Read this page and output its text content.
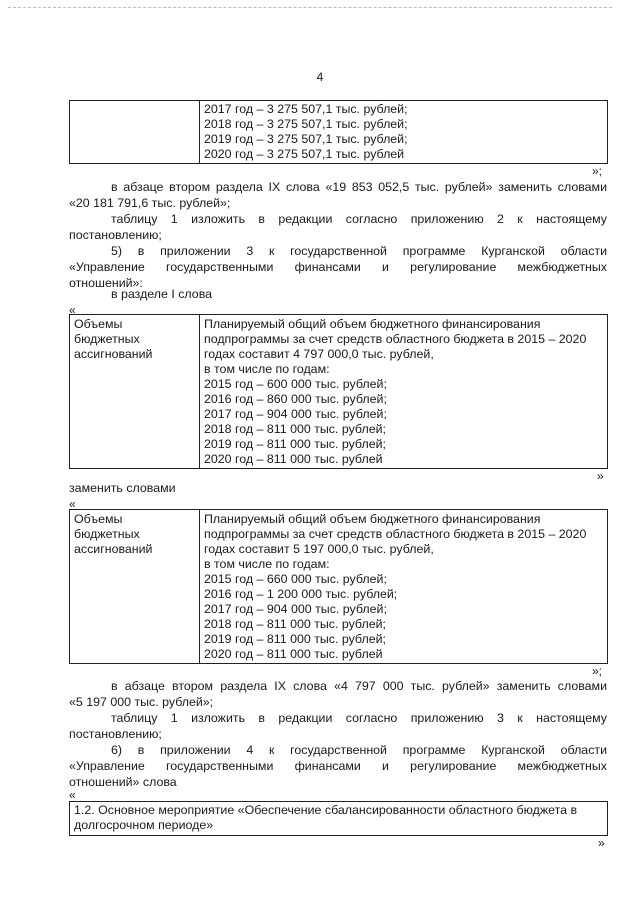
4
2017 год – 3 275 507,1 тыс. рублей;
2018 год – 3 275 507,1 тыс. рублей;
2019 год – 3 275 507,1 тыс. рублей;
2020 год – 3 275 507,1 тыс. рублей
»;
в абзаце втором раздела IX слова «19 853 052,5 тыс. рублей» заменить словами
«20 181 791,6 тыс. рублей»;
таблицу 1 изложить в редакции согласно приложению 2 к настоящему
постановлению;
5) в приложении 3 к государственной программе Курганской области
«Управление государственными финансами и регулирование межбюджетных
отношений»:
в разделе I слова
«
Объемы
бюджетных
ассигнований
Планируемый общий объем бюджетного финансирования
подпрограммы за счет средств областного бюджета в 2015 – 2020
годах составит 4 797 000,0 тыс. рублей,
в том числе по годам:
2015 год – 600 000 тыс. рублей;
2016 год – 860 000 тыс. рублей;
2017 год – 904 000 тыс. рублей;
2018 год – 811 000 тыс. рублей;
2019 год – 811 000 тыс. рублей;
2020 год – 811 000 тыс. рублей
»
заменить словами
«
Объемы
бюджетных
ассигнований
Планируемый общий объем бюджетного финансирования
подпрограммы за счет средств областного бюджета в 2015 – 2020
годах составит 5 197 000,0 тыс. рублей,
в том числе по годам:
2015 год – 660 000 тыс. рублей;
2016 год – 1 200 000 тыс. рублей;
2017 год – 904 000 тыс. рублей;
2018 год – 811 000 тыс. рублей;
2019 год – 811 000 тыс. рублей;
2020 год – 811 000 тыс. рублей
»;
в абзаце втором раздела IX слова «4 797 000 тыс. рублей» заменить словами
«5 197 000 тыс. рублей»;
таблицу 1 изложить в редакции согласно приложению 3 к настоящему
постановлению;
6) в приложении 4 к государственной программе Курганской области
«Управление государственными финансами и регулирование межбюджетных
отношений» слова
«
1.2. Основное мероприятие «Обеспечение сбалансированности областного бюджета в
долгосрочном периоде»
»
